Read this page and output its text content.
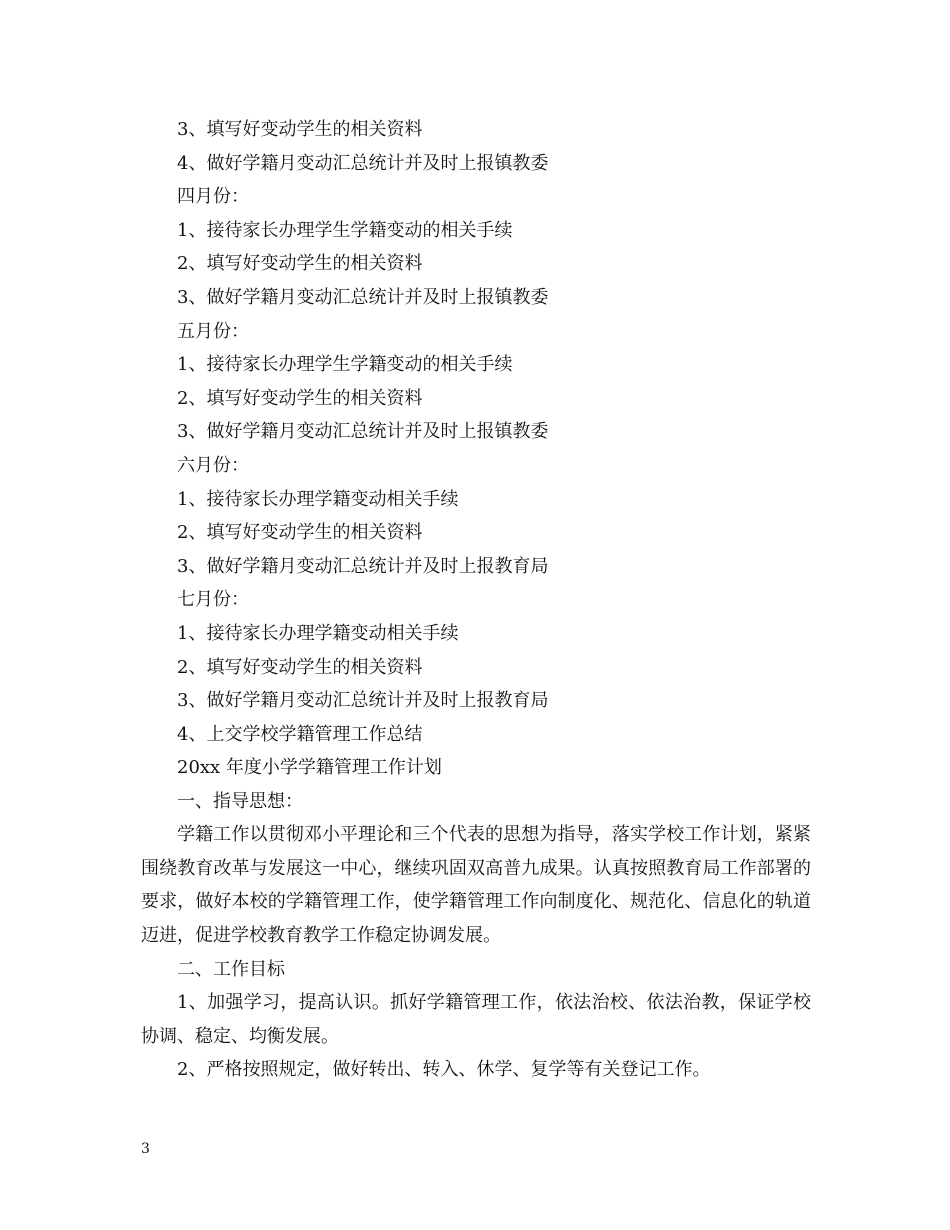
3、填写好变动学生的相关资料
4、做好学籍月变动汇总统计并及时上报镇教委
四月份：
1、接待家长办理学生学籍变动的相关手续
2、填写好变动学生的相关资料
3、做好学籍月变动汇总统计并及时上报镇教委
五月份：
1、接待家长办理学生学籍变动的相关手续
2、填写好变动学生的相关资料
3、做好学籍月变动汇总统计并及时上报镇教委
六月份：
1、接待家长办理学籍变动相关手续
2、填写好变动学生的相关资料
3、做好学籍月变动汇总统计并及时上报教育局
七月份：
1、接待家长办理学籍变动相关手续
2、填写好变动学生的相关资料
3、做好学籍月变动汇总统计并及时上报教育局
4、上交学校学籍管理工作总结
20xx 年度小学学籍管理工作计划
一、指导思想：
学籍工作以贯彻邓小平理论和三个代表的思想为指导，落实学校工作计划，紧紧围绕教育改革与发展这一中心，继续巩固双高普九成果。认真按照教育局工作部署的要求，做好本校的学籍管理工作，使学籍管理工作向制度化、规范化、信息化的轨道迈进，促进学校教育教学工作稳定协调发展。
二、工作目标
1、加强学习，提高认识。抓好学籍管理工作，依法治校、依法治教，保证学校协调、稳定、均衡发展。
2、严格按照规定，做好转出、转入、休学、复学等有关登记工作。
3
